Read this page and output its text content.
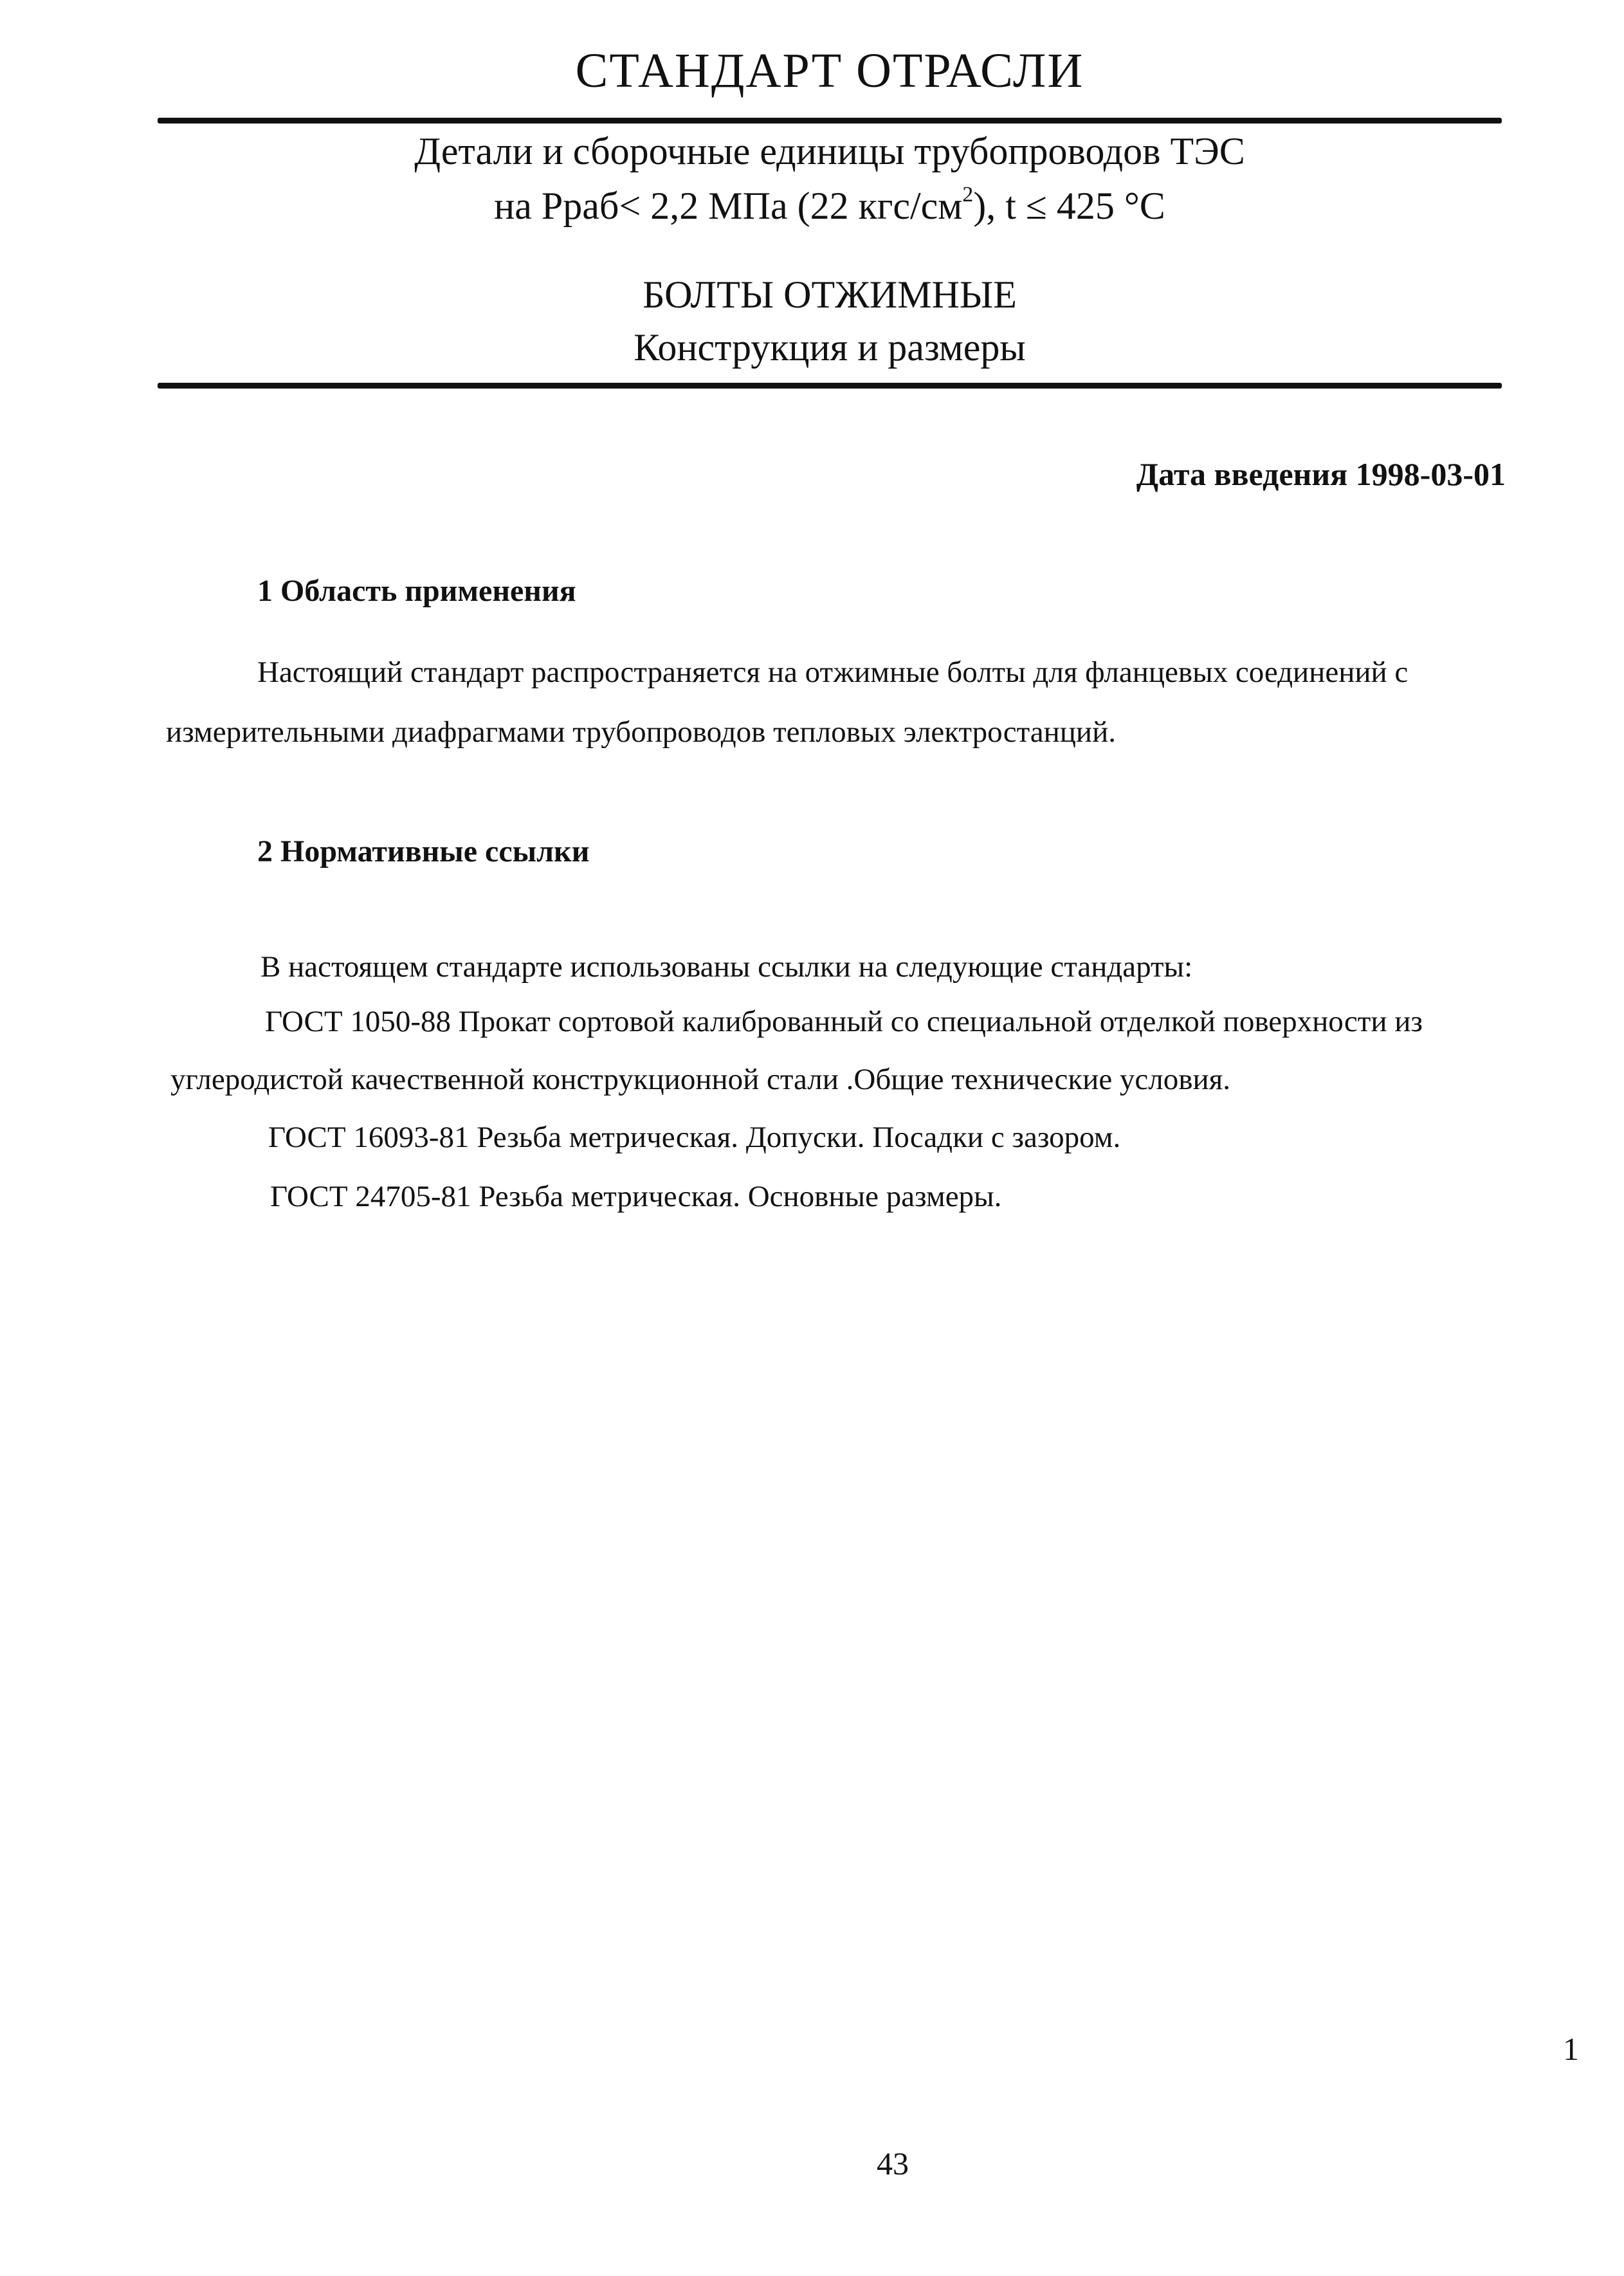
СТАНДАРТ ОТРАСЛИ
Детали и сборочные единицы трубопроводов ТЭС
на Рраб< 2,2 МПа (22 кгс/$см^2$), t ≤ 425 °С
БОЛТЫ ОТЖИМНЫЕ
Конструкция и размеры
Дата введения 1998-03-01
1 Область применения
Настоящий стандарт распространяется на отжимные болты для фланцевых соединений с
измерительными диафрагмами трубопроводов тепловых электростанций.
2 Нормативные ссылки
В настоящем стандарте использованы ссылки на следующие стандарты:
ГОСТ 1050-88 Прокат сортовой калиброванный со специальной отделкой поверхности из
углеродистой качественной конструкционной стали .Общие технические условия.
ГОСТ 16093-81 Резьба метрическая. Допуски. Посадки с зазором.
ГОСТ 24705-81 Резьба метрическая. Основные размеры.
1
43
